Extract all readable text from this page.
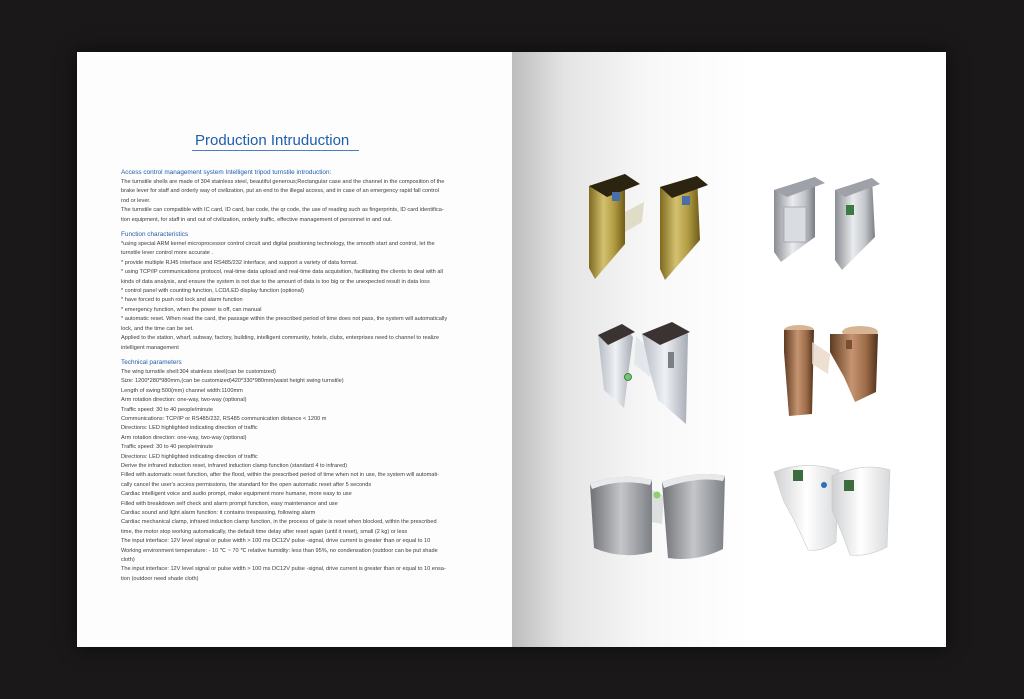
Production Intruduction
Access control management system Intelligent tripod turnstile introduction:

The turnstile shells are made of 304 stainless steel, beautiful generous;Rectangular case and the channel in the composition of the

brake lever for staff and orderly way of civilization, put an end to the illegal access, and in case of an emergency rapid fall control

rod or lever.

The turnstile can compatible with IC card, ID card, bar code, the qr code, the use of reading such as fingerprints, ID card identifica-

tion equipment, for staff in and out of civilization, orderly traffic, effective management of personnel in and out.

Function characteristics

*using special ARM kernel microprocessor control circuit and digital positioning technology, the smooth start and control, let the

turnstile lever control more accurate .

* provide multiple RJ45 interface and RS485/232 interface, and support a variety of data format.

* using TCP/IP communications protocol, real-time data upload and real-time data acquisition, facilitating the clients to deal with all

kinds of data analysis, and ensure the system is not due to the amount of data is too big or the unexpected result in data loss

* control panel with counting function, LCD/LED display function (optional)

* have forced to push rod lock and alarm function

* emergency function, when the power is off, can manual

* automatic reset. When read the card, the passage within the prescribed period of time does not pass, the system will automatically

lock, and the time can be set.

Applied to the station, wharf, subway, factory, building, intelligent community, hotels, clubs, enterprises need to channel to realize

intelligent management

Technical parameters

The wing turnstile shell:304 stainless steel(can be customized)

Size: 1200*280*980mm,(can be customized)420*330*980mm(waist height swing turnstile)

Length of swing:500(mm) channel width:1100mm

Arm rotation direction: one-way, two-way (optional)

Traffic speed: 30 to 40 people/minute

Communications: TCP/IP or RS485/232, RS485 communication distance < 1200 m

Directions: LED highlighted indicating direction of traffic

Arm rotation direction: one-way, two-way (optional)

Traffic speed: 30 to 40 people/minute

Directions: LED highlighted indicating direction of traffic

Derive the infrared induction reset, infrared induction clamp function (standard 4 to infrared)

Filled with automatic reset function, after the flood, within the prescribed period of time when not in use, the system will automati-

cally cancel the user's access permissions, the standard for the open automatic reset after 5 seconds

Cardiac intelligent voice and audio prompt, make equipment more humane, more easy to use

Filled with breakdown self check and alarm prompt function, easy maintenance and use

Cardiac sound and light alarm function: it contains trespassing, following alarm

Cardiac mechanical clamp, infrared induction clamp function, in the process of gate is reset when blocked, within the prescribed

time, the motor stop working automatically, the default time delay after reset again (until it reset), small (2 kg) or less

The input interface: 12V level signal or pulse width > 100 ms DC12V pulse -signal, drive current is greater than or equal to 10

Working environment temperature: - 10 ℃ ~ 70 ℃ relative humidity: less than 95%, no condensation (outdoor can be put shade

cloth)

The input interface: 12V level signal or pulse width > 100 ms DC12V pulse -signal, drive current is greater than or equal to 10 ensa-

tion (outdoor need shade cloth)
